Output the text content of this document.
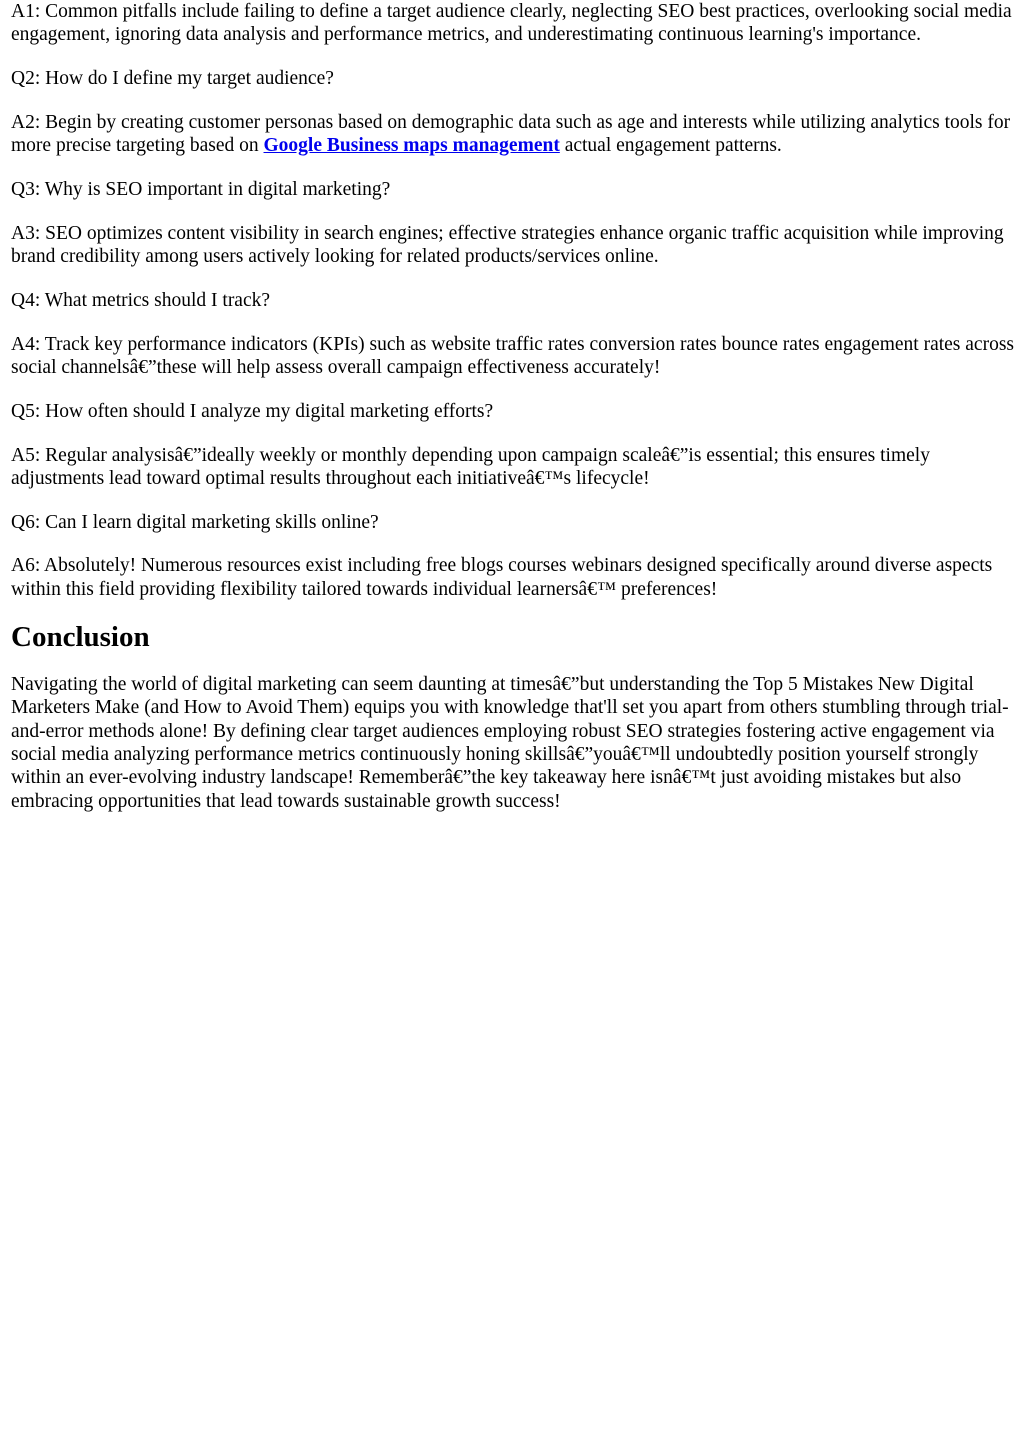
A1: Common pitfalls include failing to define a target audience clearly, neglecting SEO best practices, overlooking social media engagement, ignoring data analysis and performance metrics, and underestimating continuous learning's importance.

Q2: How do I define my target audience?

A2: Begin by creating customer personas based on demographic data such as age and interests while utilizing analytics tools for more precise targeting based on Google Business maps management actual engagement patterns.

Q3: Why is SEO important in digital marketing?

A3: SEO optimizes content visibility in search engines; effective strategies enhance organic traffic acquisition while improving brand credibility among users actively looking for related products/services online.

Q4: What metrics should I track?

A4: Track key performance indicators (KPIs) such as website traffic rates conversion rates bounce rates engagement rates across social channelsâ€”these will help assess overall campaign effectiveness accurately!

Q5: How often should I analyze my digital marketing efforts?

A5: Regular analysisâ€”ideally weekly or monthly depending upon campaign scaleâ€”is essential; this ensures timely adjustments lead toward optimal results throughout each initiativeâ€™s lifecycle!

Q6: Can I learn digital marketing skills online?

A6: Absolutely! Numerous resources exist including free blogs courses webinars designed specifically around diverse aspects within this field providing flexibility tailored towards individual learnersâ€™ preferences!

Conclusion

Navigating the world of digital marketing can seem daunting at timesâ€”but understanding the Top 5 Mistakes New Digital Marketers Make (and How to Avoid Them) equips you with knowledge that'll set you apart from others stumbling through trial-and-error methods alone! By defining clear target audiences employing robust SEO strategies fostering active engagement via social media analyzing performance metrics continuously honing skillsâ€”youâ€™ll undoubtedly position yourself strongly within an ever-evolving industry landscape! Rememberâ€”the key takeaway here isnâ€™t just avoiding mistakes but also embracing opportunities that lead towards sustainable growth success!
